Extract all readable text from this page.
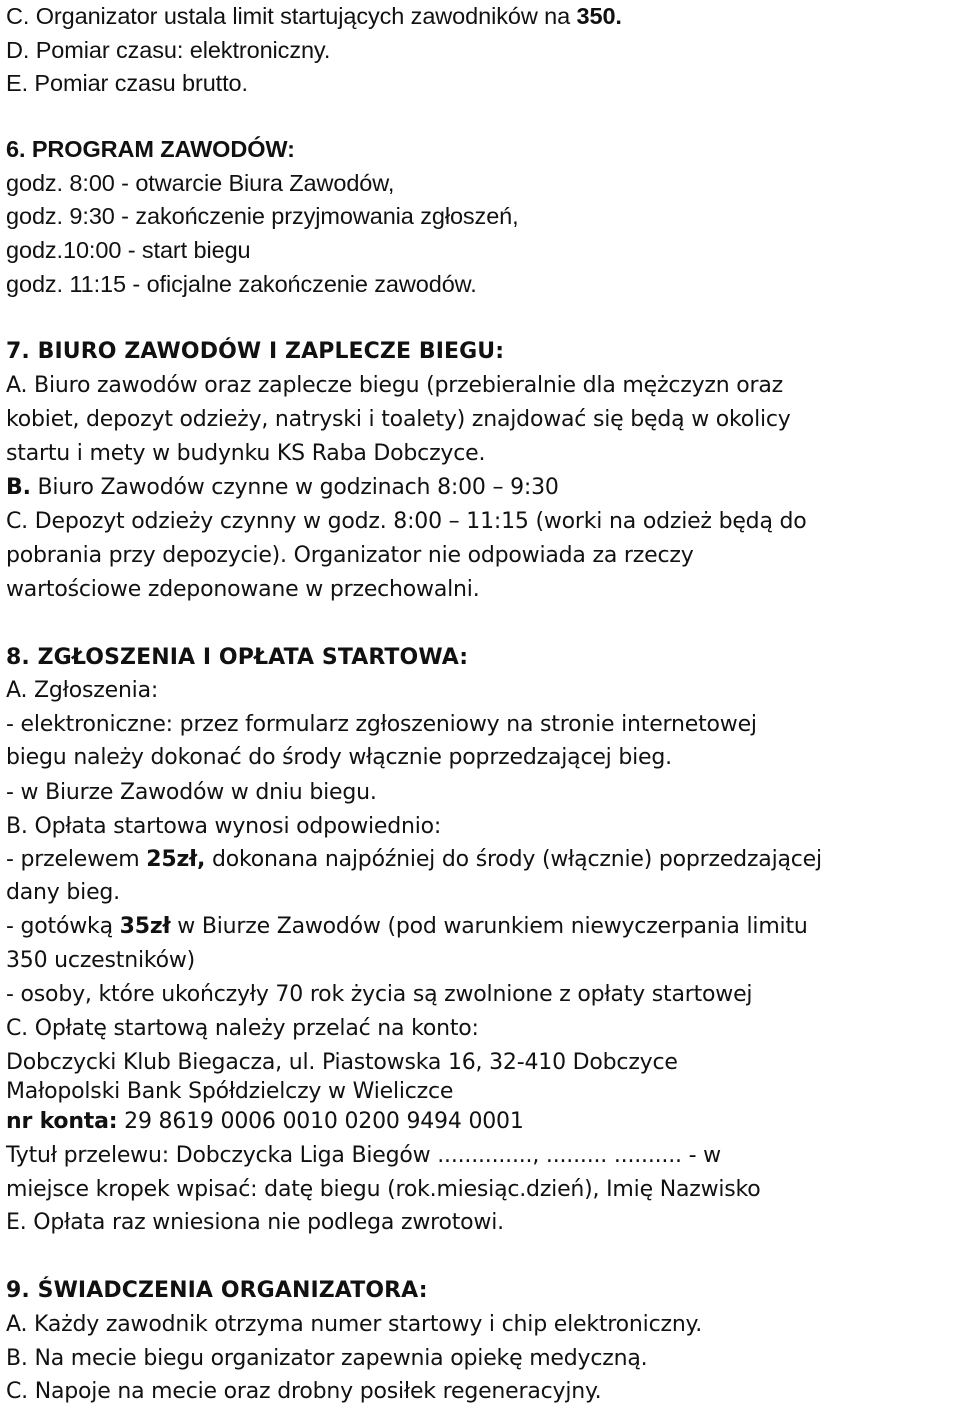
C. Organizator ustala limit startujących zawodników na 350.
D. Pomiar czasu: elektroniczny.
E. Pomiar czasu brutto.
6. PROGRAM ZAWODÓW:
godz. 8:00 - otwarcie Biura Zawodów,
godz. 9:30 - zakończenie przyjmowania zgłoszeń,
godz.10:00 - start biegu
godz. 11:15 - oficjalne zakończenie zawodów.
7. BIURO ZAWODÓW I ZAPLECZE BIEGU:
A. Biuro zawodów oraz zaplecze biegu (przebieralnie dla mężczyzn oraz
kobiet, depozyt odzieży, natryski i toalety) znajdować się będą w okolicy
startu i mety w budynku KS Raba Dobczyce.
B. Biuro Zawodów czynne w godzinach 8:00 – 9:30
C. Depozyt odzieży czynny w godz. 8:00 – 11:15 (worki na odzież będą do
pobrania przy depozycie). Organizator nie odpowiada za rzeczy
wartościowe zdeponowane w przechowalni.
8. ZGŁOSZENIA I OPŁATA STARTOWA:
A. Zgłoszenia:
- elektroniczne: przez formularz zgłoszeniowy na stronie internetowej
biegu należy dokonać do środy włącznie poprzedzającej bieg.
- w Biurze Zawodów w dniu biegu.
B. Opłata startowa wynosi odpowiednio:
- przelewem 25zł, dokonana najpóźniej do środy (włącznie) poprzedzającej
dany bieg.
- gotówką 35zł w Biurze Zawodów (pod warunkiem niewyczerpania limitu
350 uczestników)
- osoby, które ukończyły 70 rok życia są zwolnione z opłaty startowej
C. Opłatę startową należy przelać na konto:
Dobczycki Klub Biegacza, ul. Piastowska 16, 32-410 Dobczyce
Małopolski Bank Spółdzielczy w Wieliczce
nr konta: 29 8619 0006 0010 0200 9494 0001
Tytuł przelewu: Dobczycka Liga Biegów .............., ......... .......... - w
miejsce kropek wpisać: datę biegu (rok.miesiąc.dzień), Imię Nazwisko
E. Opłata raz wniesiona nie podlega zwrotowi.
9. ŚWIADCZENIA ORGANIZATORA:
A. Każdy zawodnik otrzyma numer startowy i chip elektroniczny.
B. Na mecie biegu organizator zapewnia opiekę medyczną.
C. Napoje na mecie oraz drobny posiłek regeneracyjny.
